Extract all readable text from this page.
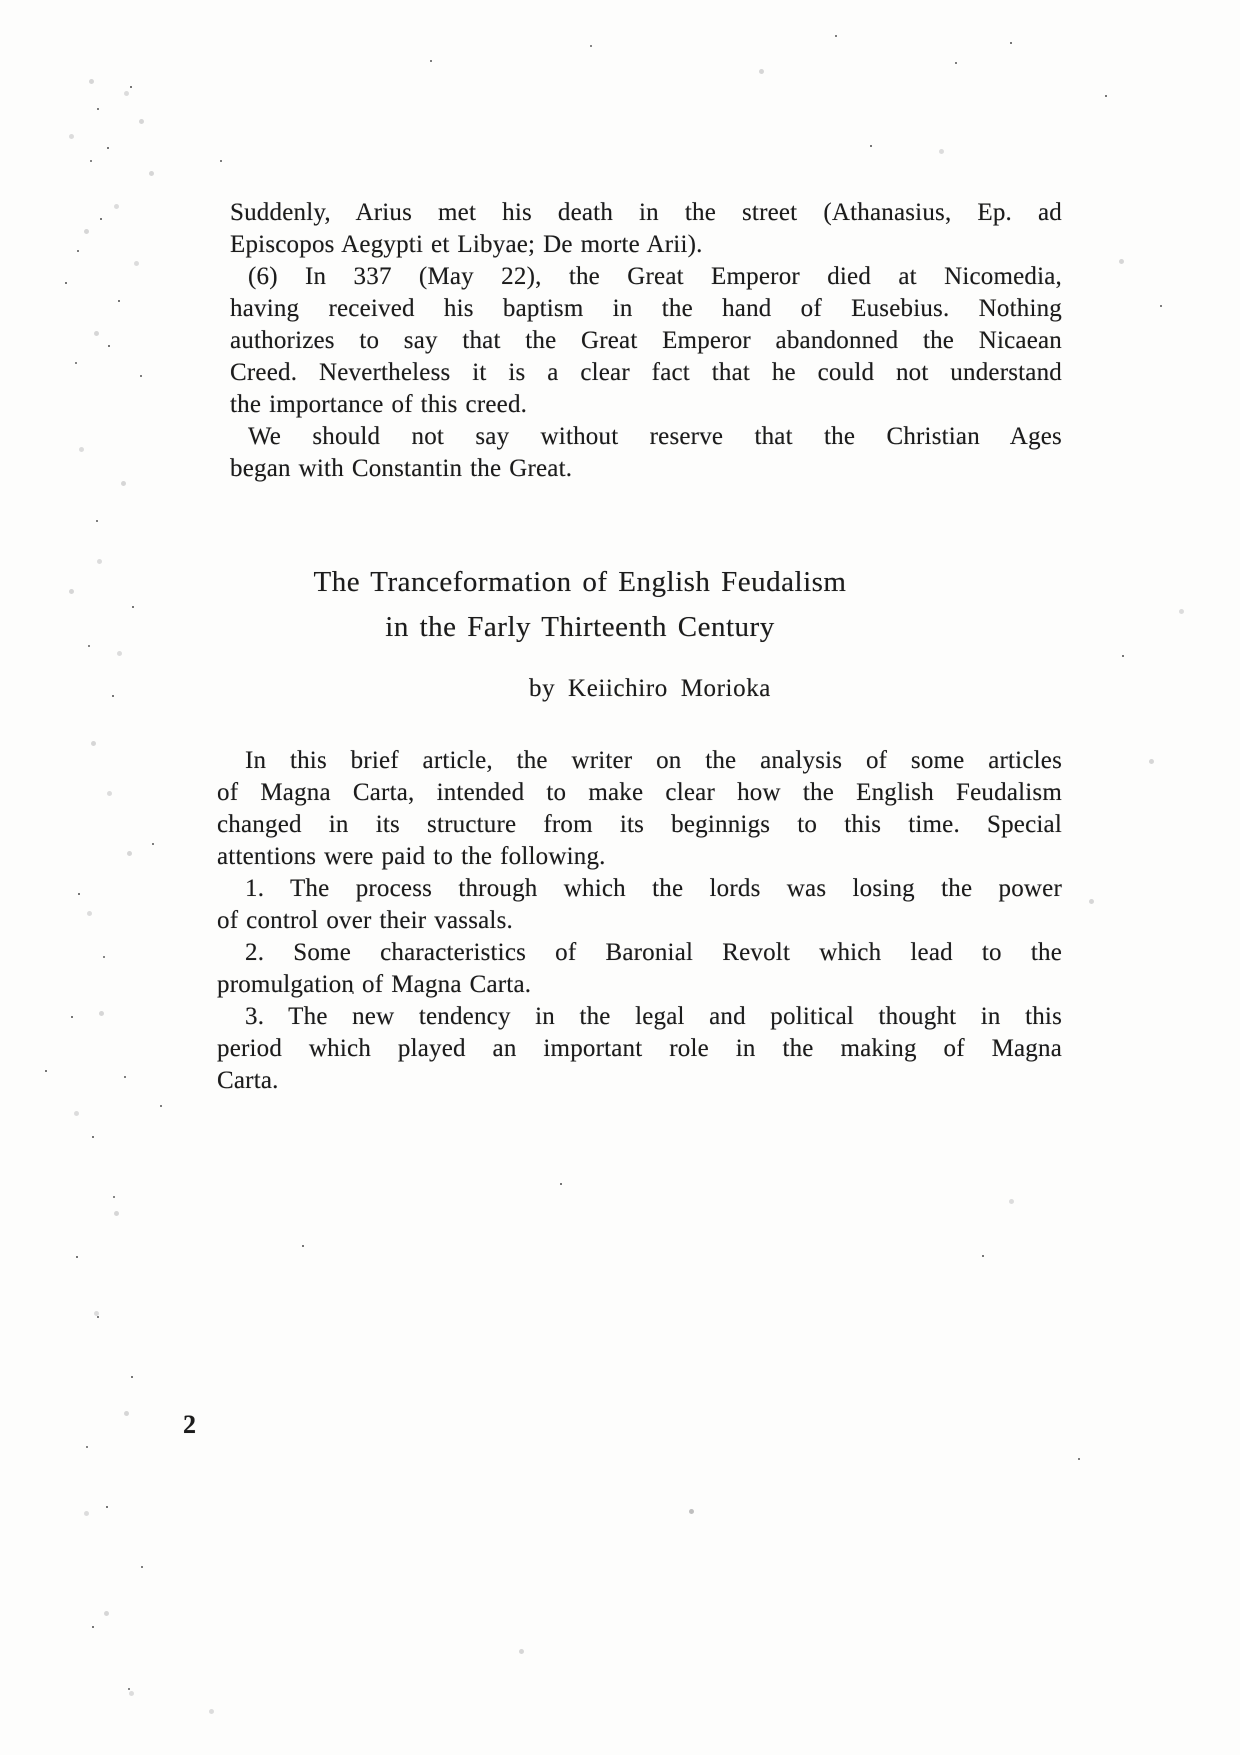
Suddenly, Arius met his death in the street (Athanasius, Ep. ad
Episcopos Aegypti et Libyae; De morte Arii).
(6) In 337 (May 22), the Great Emperor died at Nicomedia,
having received his baptism in the hand of Eusebius. Nothing
authorizes to say that the Great Emperor abandonned the Nicaean
Creed. Nevertheless it is a clear fact that he could not understand
the importance of this creed.
We should not say without reserve that the Christian Ages
began with Constantin the Great.
The Tranceformation of English Feudalism
in the Farly Thirteenth Century
by Keiichiro Morioka
In this brief article, the writer on the analysis of some articles
of Magna Carta, intended to make clear how the English Feudalism
changed in its structure from its beginnigs to this time. Special
attentions were paid to the following.
1. The process through which the lords was losing the power
of control over their vassals.
2. Some characteristics of Baronial Revolt which lead to the
promulgation of Magna Carta.
3. The new tendency in the legal and political thought in this
period which played an important role in the making of Magna
Carta.
2
